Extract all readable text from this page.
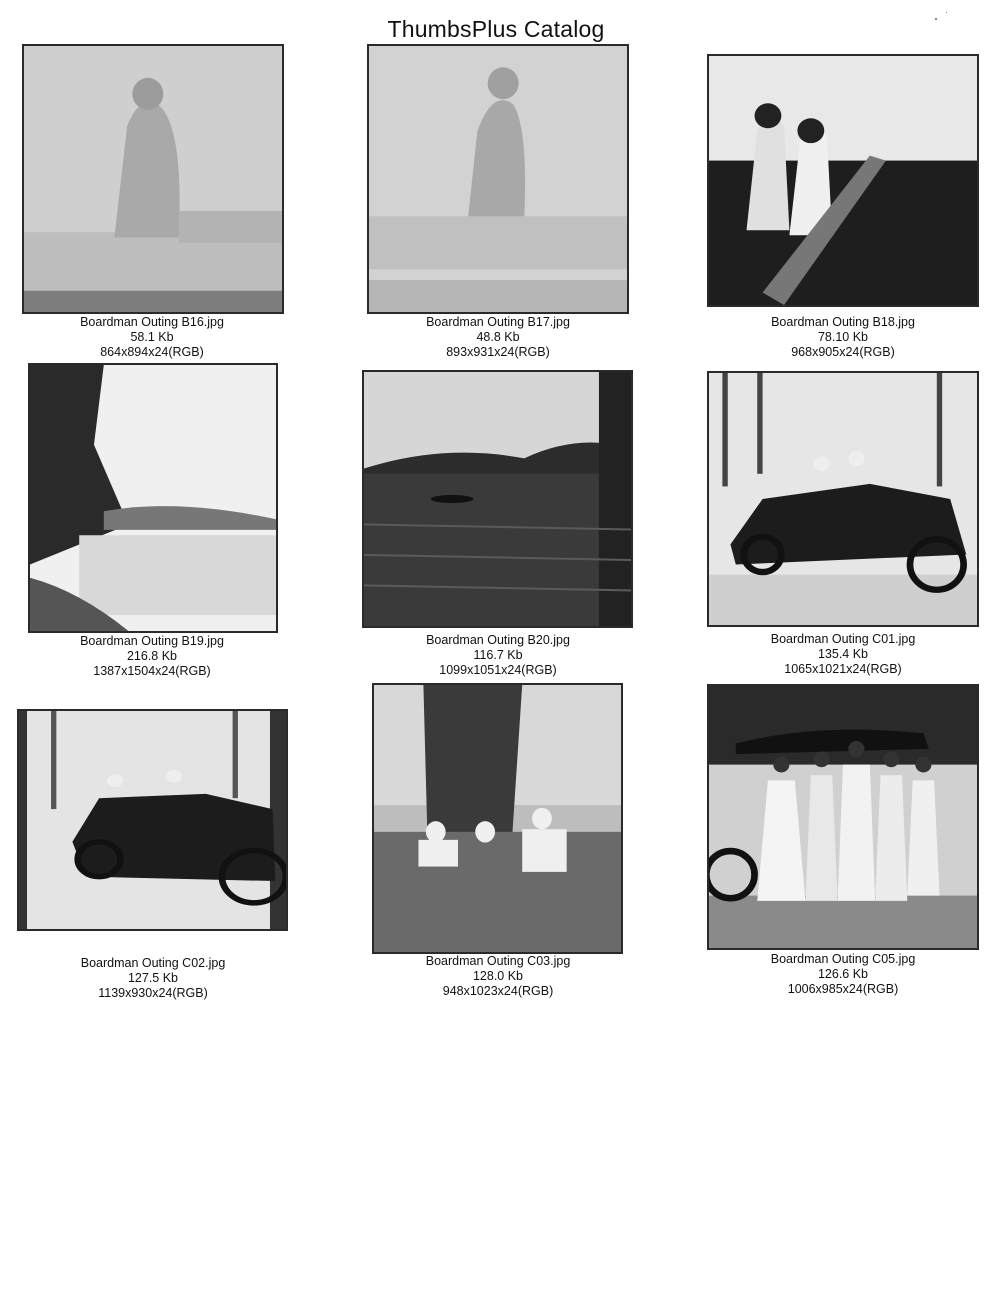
ThumbsPlus Catalog
Boardman Outing B16.jpg
58.1 Kb
864x894x24(RGB)
Boardman Outing B17.jpg
48.8 Kb
893x931x24(RGB)
Boardman Outing B18.jpg
78.10 Kb
968x905x24(RGB)
Boardman Outing B19.jpg
216.8 Kb
1387x1504x24(RGB)
Boardman Outing B20.jpg
116.7 Kb
1099x1051x24(RGB)
Boardman Outing C01.jpg
135.4 Kb
1065x1021x24(RGB)
Boardman Outing C02.jpg
127.5 Kb
1139x930x24(RGB)
Boardman Outing C03.jpg
128.0 Kb
948x1023x24(RGB)
Boardman Outing C05.jpg
126.6 Kb
1006x985x24(RGB)
